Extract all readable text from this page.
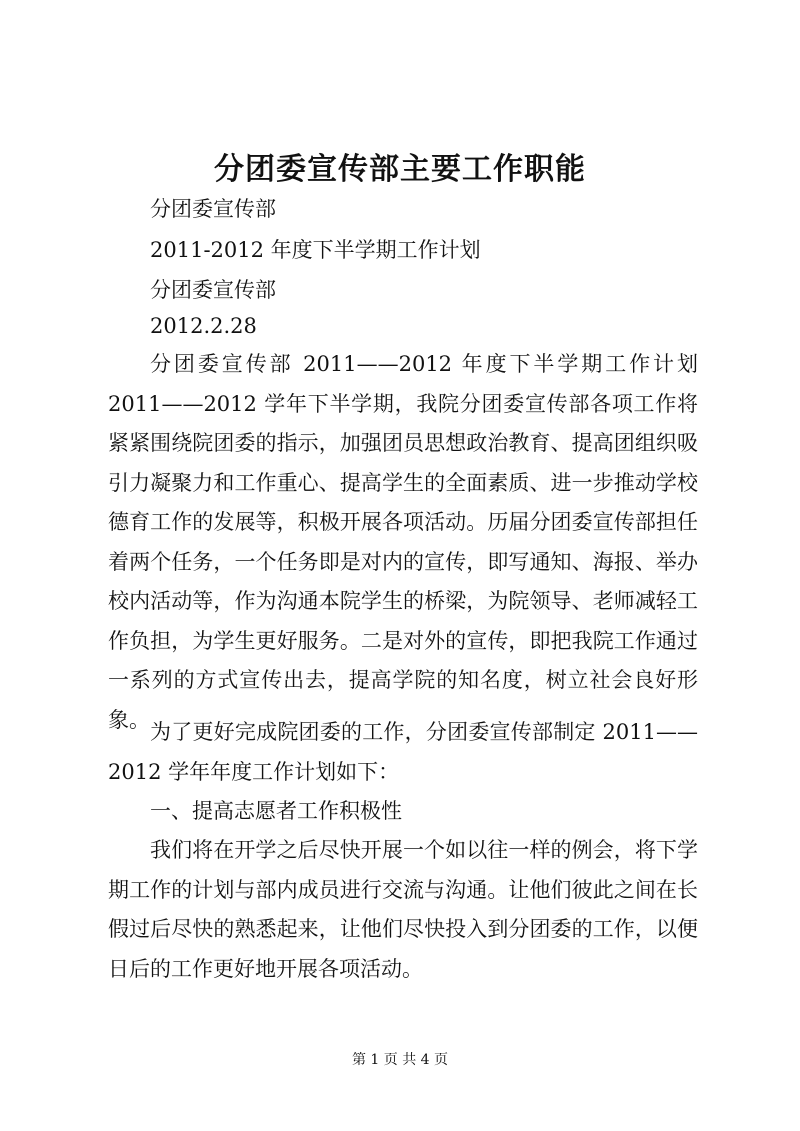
分团委宣传部主要工作职能
分团委宣传部
2011-2012 年度下半学期工作计划
分团委宣传部
2012.2.28
分团委宣传部 2011——2012 年度下半学期工作计划 2011——2012 学年下半学期，我院分团委宣传部各项工作将紧紧围绕院团委的指示，加强团员思想政治教育、提高团组织吸引力凝聚力和工作重心、提高学生的全面素质、进一步推动学校德育工作的发展等，积极开展各项活动。历届分团委宣传部担任着两个任务，一个任务即是对内的宣传，即写通知、海报、举办校内活动等，作为沟通本院学生的桥梁，为院领导、老师减轻工作负担，为学生更好服务。二是对外的宣传，即把我院工作通过一系列的方式宣传出去，提高学院的知名度，树立社会良好形象。
为了更好完成院团委的工作，分团委宣传部制定 2011——2012 学年年度工作计划如下：
一、提高志愿者工作积极性
我们将在开学之后尽快开展一个如以往一样的例会，将下学期工作的计划与部内成员进行交流与沟通。让他们彼此之间在长假过后尽快的熟悉起来，让他们尽快投入到分团委的工作，以便日后的工作更好地开展各项活动。
第 1 页 共 4 页
